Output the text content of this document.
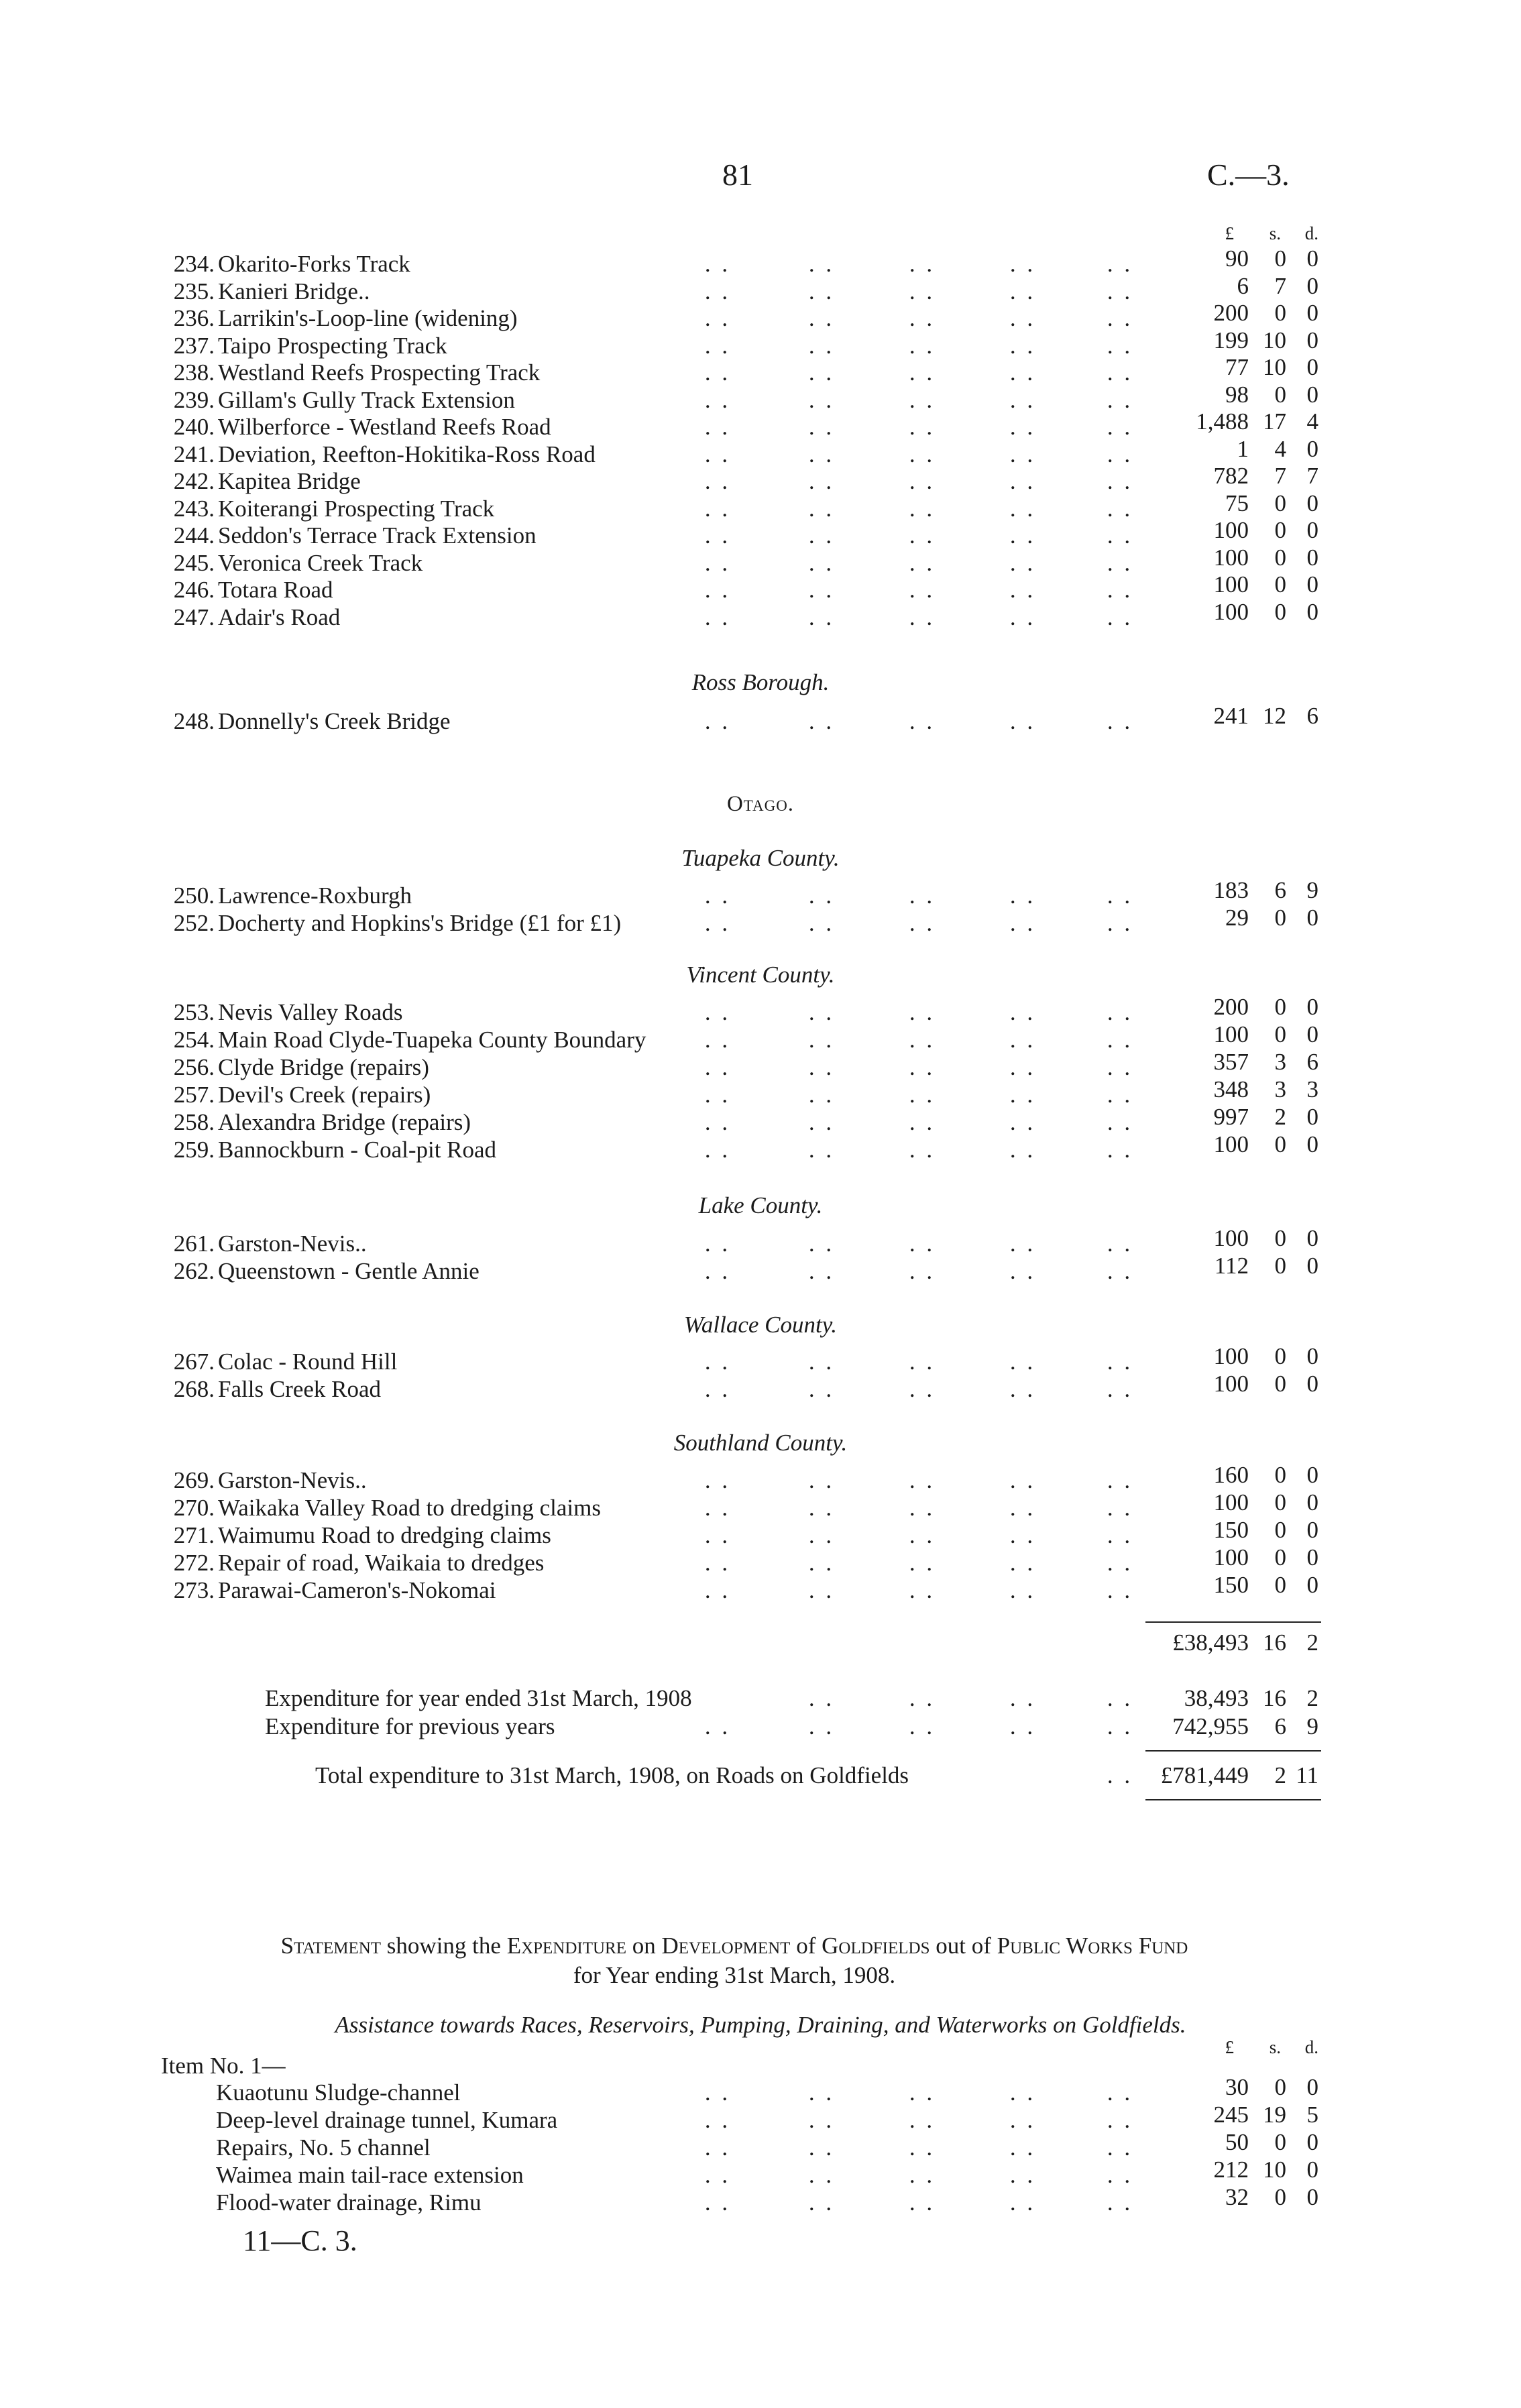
81	C.—3.
£	s.	d.
234. Okarito-Forks Track	. .	. .	. .	. .	. .	90	0 0
235. Kanieri Bridge..	. .	. .	. .	. .	. .	6	7 0
236. Larrikin's-Loop-line (widening)	. .	. .	. .	. .	. .	200	0 0
237. Taipo Prospecting Track	. .	. .	. .	. .	. .	199 10 0
238. Westland Reefs Prospecting Track	. .	. .	. .	. .	. .	77 10 0
239. Gillam's Gully Track Extension	. .	. .	. .	. .	. .	98	0 0
240. Wilberforce - Westland Reefs Road	. .	. .	. .	. .	. .	1,488 17 4
241. Deviation, Reefton-Hokitika-Ross Road	. .	. .	. .	. .	. .	1	4 0
242. Kapitea Bridge	. .	. .	. .	. .	. .	782	7 7
243. Koiterangi Prospecting Track	. .	. .	. .	. .	. .	75	0 0
244. Seddon's Terrace Track Extension	. .	. .	. .	. .	. .	100	0 0
245. Veronica Creek Track	. .	. .	. .	. .	. .	100	0 0
246. Totara Road	. .	. .	. .	. .	. .	100	0 0
247. Adair's Road	. .	. .	. .	. .	. .	100	0 0
Ross Borough.
248. Donnelly's Creek Bridge	. .	. .	. .	. .	. .	241 12 6
Otago.
Tuapeka County.
250. Lawrence-Roxburgh	. .	. .	. .	. .	. .	183	6 9
252. Docherty and Hopkins's Bridge (£1 for £1)	. .	. .	. .	. .	. .	29	0 0
Vincent County.
253. Nevis Valley Roads	. .	. .	. .	. .	. .	200	0 0
254. Main Road Clyde-Tuapeka County Boundary	. .	. .	. .	. .	. .	100	0 0
256. Clyde Bridge (repairs)	. .	. .	. .	. .	. .	357	3 6
257. Devil's Creek (repairs)	. .	. .	. .	. .	. .	348	3 3
258. Alexandra Bridge (repairs)	. .	. .	. .	. .	. .	997	2 0
259. Bannockburn - Coal-pit Road	. .	. .	. .	. .	. .	100	0 0
Lake County.
261. Garston-Nevis..	. .	. .	. .	. .	. .	100	0 0
262. Queenstown - Gentle Annie	. .	. .	. .	. .	. .	112	0 0
Wallace County.
267. Colac - Round Hill	. .	. .	. .	. .	. .	100	0 0
268. Falls Creek Road	. .	. .	. .	. .	. .	100	0 0
Southland County.
269. Garston-Nevis..	. .	. .	. .	. .	. .	160	0 0
270. Waikaka Valley Road to dredging claims	. .	. .	. .	. .	. .	100	0 0
271. Waimumu Road to dredging claims	. .	. .	. .	. .	. .	150	0 0
272. Repair of road, Waikaia to dredges	. .	. .	. .	. .	. .	100	0 0
273. Parawai-Cameron's-Nokomai	. .	. .	. .	. .	. .	150	0 0
£38,493 16 2
Expenditure for year ended 31st March, 1908	. .	. .	. .	. .	38,493 16 2
Expenditure for previous years	. .	. .	. .	. .	. .	742,955	6 9
Total expenditure to 31st March, 1908, on Roads on Goldfields	. .	£781,449	2 11
Statement showing the Expenditure on Development of Goldfields out of Public Works Fund
for Year ending 31st March, 1908.
Assistance towards Races, Reservoirs, Pumping, Draining, and Waterworks on Goldfields.
£	s.	d.
Item No. 1—
Kuaotunu Sludge-channel	. .	. .	. .	. .	. .	30	0 0
Deep-level drainage tunnel, Kumara	. .	. .	. .	. .	. .	245 19 5
Repairs, No. 5 channel	. .	. .	. .	. .	. .	50	0 0
Waimea main tail-race extension	. .	. .	. .	. .	. .	212 10 0
Flood-water drainage, Rimu	. .	. .	. .	. .	. .	32	0 0
11—C. 3.
